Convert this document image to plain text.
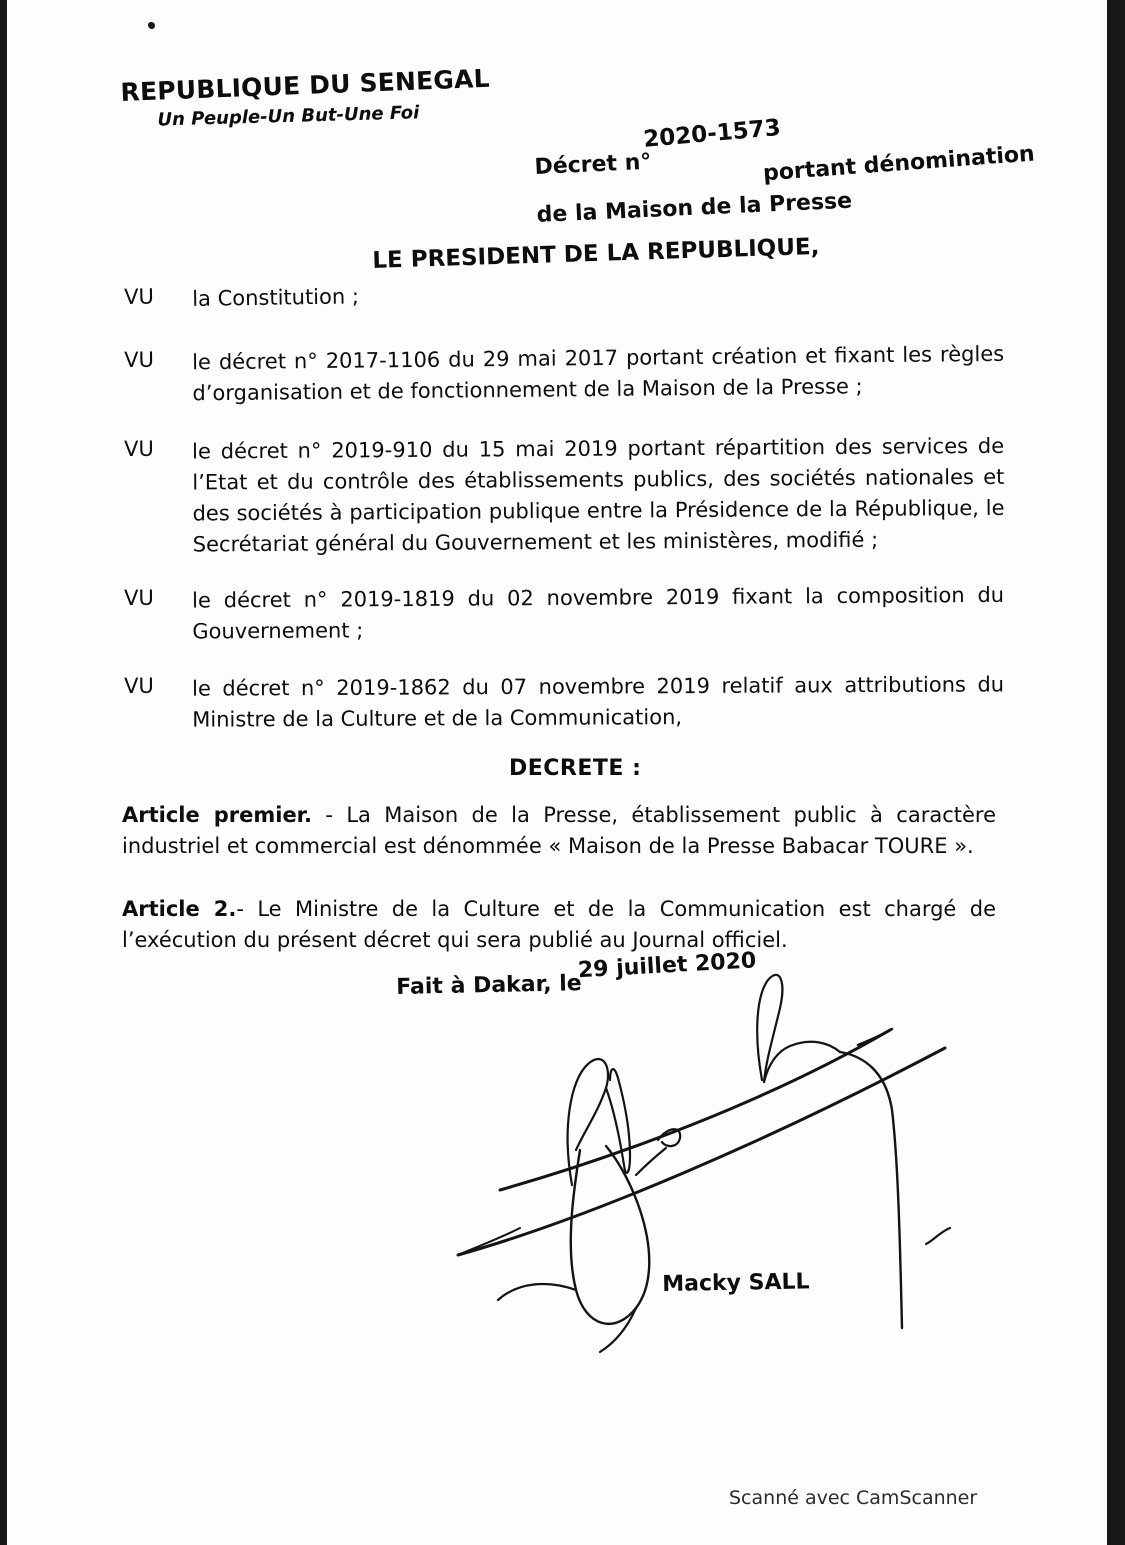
REPUBLIQUE DU SENEGAL
Un Peuple-Un But-Une Foi
Décret n°
2020-1573
portant dénomination
de la Maison de la Presse
LE PRESIDENT DE LA REPUBLIQUE,
VU la Constitution ;
VU le décret n° 2017-1106 du 29 mai 2017 portant création et fixant les règles d’organisation et de fonctionnement de la Maison de la Presse ;
VU le décret n° 2019-910 du 15 mai 2019 portant répartition des services de l’Etat et du contrôle des établissements publics, des sociétés nationales et des sociétés à participation publique entre la Présidence de la République, le Secrétariat général du Gouvernement et les ministères, modifié ;
VU le décret n° 2019-1819 du 02 novembre 2019 fixant la composition du Gouvernement ;
VU le décret n° 2019-1862 du 07 novembre 2019 relatif aux attributions du Ministre de la Culture et de la Communication,
DECRETE :
Article premier. - La Maison de la Presse, établissement public à caractère industriel et commercial est dénommée « Maison de la Presse Babacar TOURE ».
Article 2.- Le Ministre de la Culture et de la Communication est chargé de l’exécution du présent décret qui sera publié au Journal officiel.
Fait à Dakar, le
29 juillet 2020
Macky SALL
Scanné avec CamScanner
